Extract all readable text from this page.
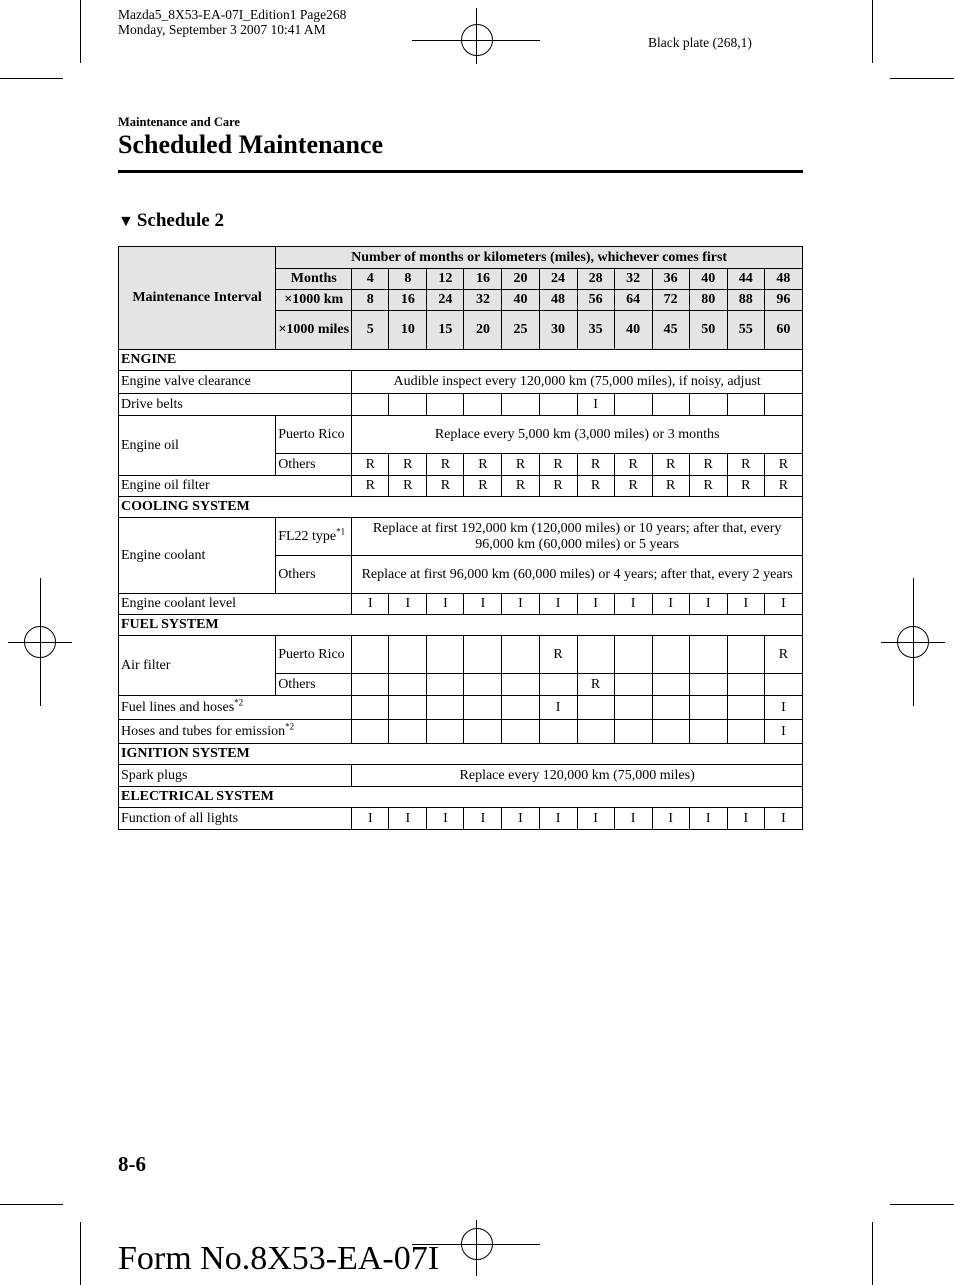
Mazda5_8X53-EA-07I_Edition1 Page268
Monday, September 3 2007 10:41 AM
Black plate (268,1)
Maintenance and Care
Scheduled Maintenance
▼ Schedule 2
Maintenance Interval	Number of months or kilometers (miles), whichever comes first												
	Months	4	8	12	16	20	24	28	32	36	40	44	48
	×1000 km	8	16	24	32	40	48	56	64	72	80	88	96
	×1000 miles	5	10	15	20	25	30	35	40	45	50	55	60
ENGINE													
Engine valve clearance		Audible inspect every 120,000 km (75,000 miles), if noisy, adjust											
Drive belts								I					
Engine oil	Puerto Rico	Replace every 5,000 km (3,000 miles) or 3 months											
	Others	R	R	R	R	R	R	R	R	R	R	R	R
Engine oil filter		R	R	R	R	R	R	R	R	R	R	R	R
COOLING SYSTEM													
Engine coolant	FL22 type$^{*1}$	Replace at first 192,000 km (120,000 miles) or 10 years; after that, every 96,000 km (60,000 miles) or 5 years											
	Others	Replace at first 96,000 km (60,000 miles) or 4 years; after that, every 2 years											
Engine coolant level		I	I	I	I	I	I	I	I	I	I	I	I
FUEL SYSTEM													
Air filter	Puerto Rico						R						R
	Others							R					
Fuel lines and hoses$^{*2}$							I						I
Hoses and tubes for emission$^{*2}$													I
IGNITION SYSTEM													
Spark plugs		Replace every 120,000 km (75,000 miles)											
ELECTRICAL SYSTEM													
Function of all lights		I	I	I	I	I	I	I	I	I	I	I	I
8-6
Form No.8X53-EA-07I
